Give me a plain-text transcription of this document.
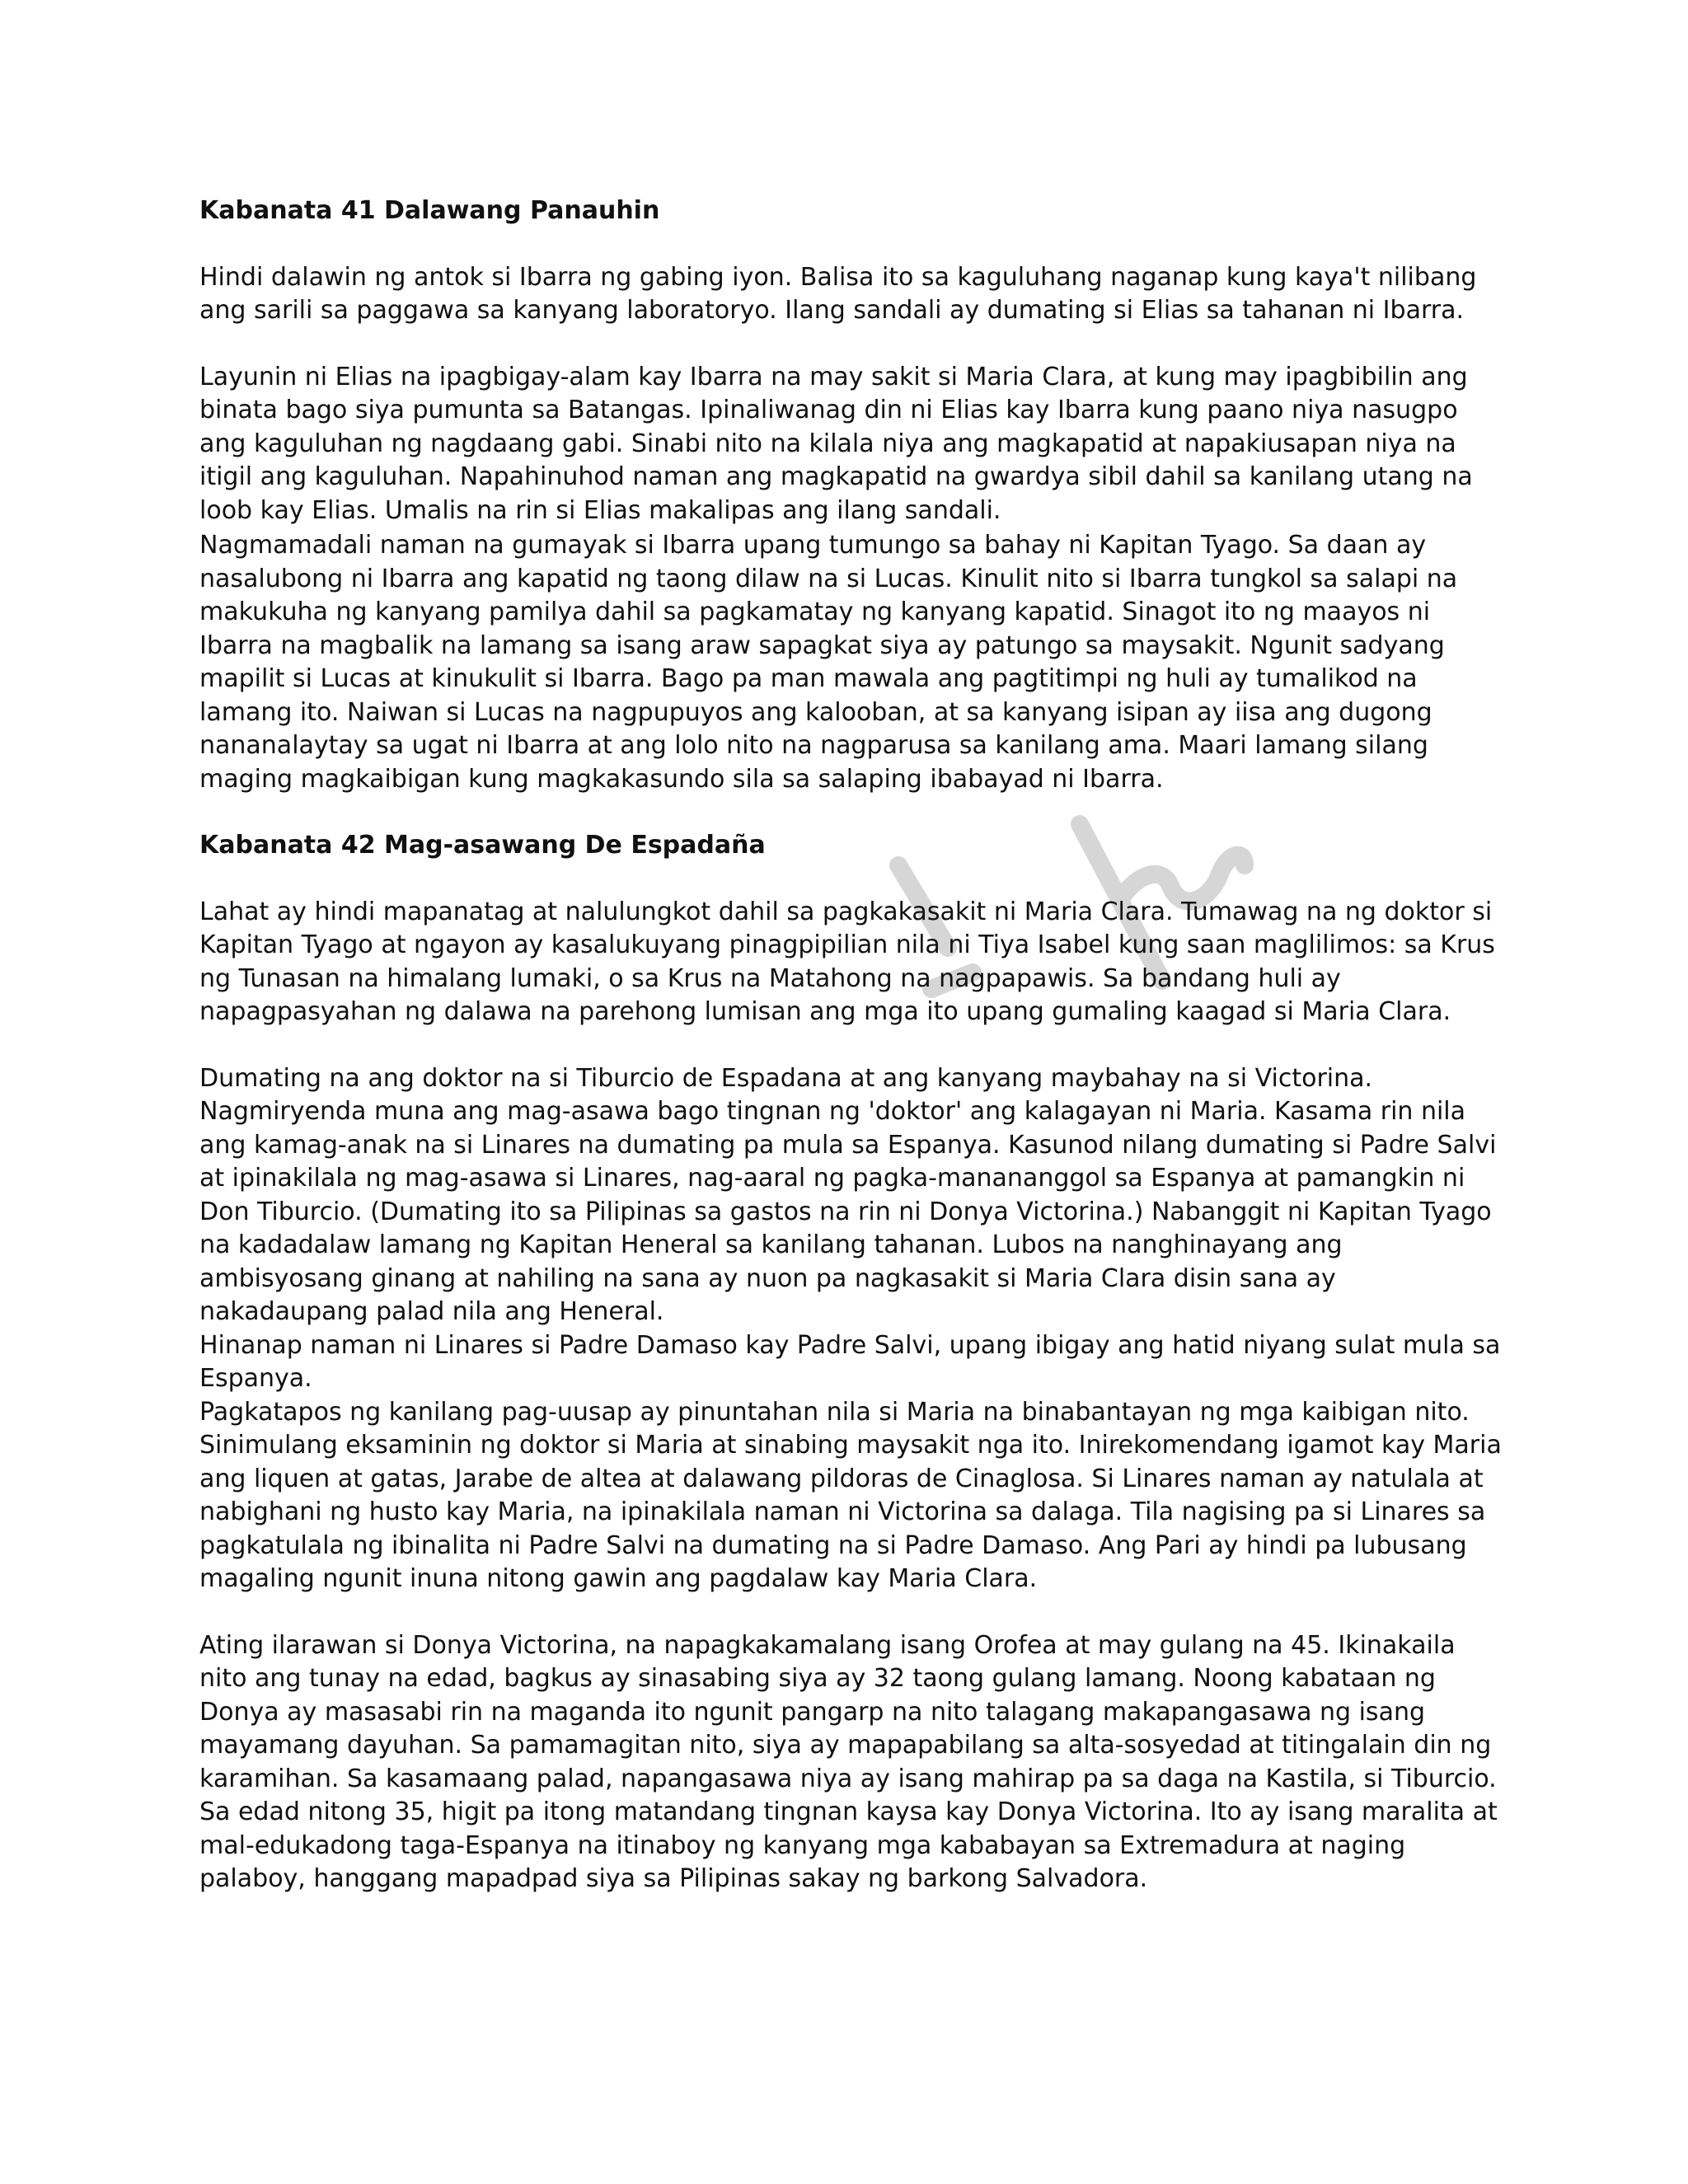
Kabanata 41 Dalawang Panauhin

Hindi dalawin ng antok si Ibarra ng gabing iyon. Balisa ito sa kaguluhang naganap kung kaya't nilibang ang sarili sa paggawa sa kanyang laboratoryo. Ilang sandali ay dumating si Elias sa tahanan ni Ibarra.

Layunin ni Elias na ipagbigay-alam kay Ibarra na may sakit si Maria Clara, at kung may ipagbibilin ang binata bago siya pumunta sa Batangas. Ipinaliwanag din ni Elias kay Ibarra kung paano niya nasugpo ang kaguluhan ng nagdaang gabi. Sinabi nito na kilala niya ang magkapatid at napakiusapan niya na itigil ang kaguluhan. Napahinuhod naman ang magkapatid na gwardya sibil dahil sa kanilang utang na loob kay Elias. Umalis na rin si Elias makalipas ang ilang sandali.

Nagmamadali naman na gumayak si Ibarra upang tumungo sa bahay ni Kapitan Tyago. Sa daan ay nasalubong ni Ibarra ang kapatid ng taong dilaw na si Lucas. Kinulit nito si Ibarra tungkol sa salapi na makukuha ng kanyang pamilya dahil sa pagkamatay ng kanyang kapatid. Sinagot ito ng maayos ni Ibarra na magbalik na lamang sa isang araw sapagkat siya ay patungo sa maysakit. Ngunit sadyang mapilit si Lucas at kinukulit si Ibarra. Bago pa man mawala ang pagtitimpi ng huli ay tumalikod na lamang ito. Naiwan si Lucas na nagpupuyos ang kalooban, at sa kanyang isipan ay iisa ang dugong nananalaytay sa ugat ni Ibarra at ang lolo nito na nagparusa sa kanilang ama. Maari lamang silang maging magkaibigan kung magkakasundo sila sa salaping ibabayad ni Ibarra.

Kabanata 42 Mag-asawang De Espadaña

Lahat ay hindi mapanatag at nalulungkot dahil sa pagkakasakit ni Maria Clara. Tumawag na ng doktor si Kapitan Tyago at ngayon ay kasalukuyang pinagpipilian nila ni Tiya Isabel kung saan maglilimos: sa Krus ng Tunasan na himalang lumaki, o sa Krus na Matahong na nagpapawis. Sa bandang huli ay napagpasyahan ng dalawa na parehong lumisan ang mga ito upang gumaling kaagad si Maria Clara.

Dumating na ang doktor na si Tiburcio de Espadana at ang kanyang maybahay na si Victorina. Nagmiryenda muna ang mag-asawa bago tingnan ng 'doktor' ang kalagayan ni Maria. Kasama rin nila ang kamag-anak na si Linares na dumating pa mula sa Espanya. Kasunod nilang dumating si Padre Salvi at ipinakilala ng mag-asawa si Linares, nag-aaral ng pagka-manananggol sa Espanya at pamangkin ni Don Tiburcio. (Dumating ito sa Pilipinas sa gastos na rin ni Donya Victorina.) Nabanggit ni Kapitan Tyago na kadadalaw lamang ng Kapitan Heneral sa kanilang tahanan. Lubos na nanghinayang ang ambisyosang ginang at nahiling na sana ay nuon pa nagkasakit si Maria Clara disin sana ay nakadaupang palad nila ang Heneral.

Hinanap naman ni Linares si Padre Damaso kay Padre Salvi, upang ibigay ang hatid niyang sulat mula sa Espanya.

Pagkatapos ng kanilang pag-uusap ay pinuntahan nila si Maria na binabantayan ng mga kaibigan nito. Sinimulang eksaminin ng doktor si Maria at sinabing maysakit nga ito. Inirekomendang igamot kay Maria ang liquen at gatas, Jarabe de altea at dalawang pildoras de Cinaglosa. Si Linares naman ay natulala at nabighani ng husto kay Maria, na ipinakilala naman ni Victorina sa dalaga. Tila nagising pa si Linares sa pagkatulala ng ibinalita ni Padre Salvi na dumating na si Padre Damaso. Ang Pari ay hindi pa lubusang magaling ngunit inuna nitong gawin ang pagdalaw kay Maria Clara.

Ating ilarawan si Donya Victorina, na napagkakamalang isang Orofea at may gulang na 45. Ikinakaila nito ang tunay na edad, bagkus ay sinasabing siya ay 32 taong gulang lamang. Noong kabataan ng Donya ay masasabi rin na maganda ito ngunit pangarp na nito talagang makapangasawa ng isang mayamang dayuhan. Sa pamamagitan nito, siya ay mapapabilang sa alta-sosyedad at titingalain din ng karamihan. Sa kasamaang palad, napangasawa niya ay isang mahirap pa sa daga na Kastila, si Tiburcio. Sa edad nitong 35, higit pa itong matandang tingnan kaysa kay Donya Victorina. Ito ay isang maralita at mal-edukadong taga-Espanya na itinaboy ng kanyang mga kababayan sa Extremadura at naging palaboy, hanggang mapadpad siya sa Pilipinas sakay ng barkong Salvadora.
